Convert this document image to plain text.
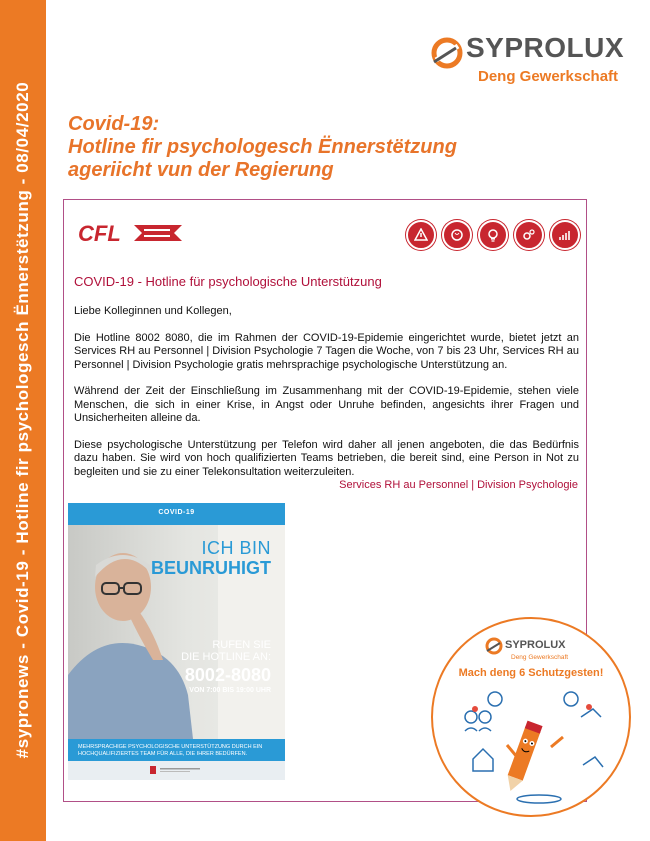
#sypronews - Covid-19 - Hotline fir psychologesch Ënnerstëtzung - 08/04/2020
SYPROLUX
Deng Gewerkschaft
Covid-19:
Hotline fir psychologesch Ënnerstëtzung
ageriicht vun der Regierung
CFL
COVID-19 - Hotline für psychologische Unterstützung

Liebe Kolleginnen und Kollegen,

Die Hotline 8002 8080, die im Rahmen der COVID-19-Epidemie eingerichtet wurde, bietet jetzt an Services RH au Personnel | Division Psychologie 7 Tagen die Woche, von 7 bis 23 Uhr, Services RH au Personnel | Division Psychologie gratis mehrsprachige psychologische Unterstützung an.

Während der Zeit der Einschließung im Zusammenhang mit der COVID-19-Epidemie, stehen viele Menschen, die sich in einer Krise, in Angst oder Unruhe befinden, angesichts ihrer Fragen und Unsicherheiten alleine da.

Diese psychologische Unterstützung per Telefon wird daher all jenen angeboten, die das Bedürfnis dazu haben. Sie wird von hoch qualifizierten Teams betrieben, die bereit sind, eine Person in Not zu begleiten und sie zu einer Telekonsultation weiterzuleiten.

Services RH au Personnel | Division Psychologie
COVID-19
ICH BIN
BEUNRUHIGT
RUFEN SIE
DIE HOTLINE AN:
8002-8080
VON 7:00 BIS 19:00 UHR
MEHRSPRACHIGE PSYCHOLOGISCHE UNTERSTÜTZUNG DURCH EIN HOCHQUALIFIZIERTES TEAM FÜR ALLE, DIE IHRER BEDÜRFEN.
SYPROLUX
Deng Gewerkschaft
Mach deng 6 Schutzgesten!
